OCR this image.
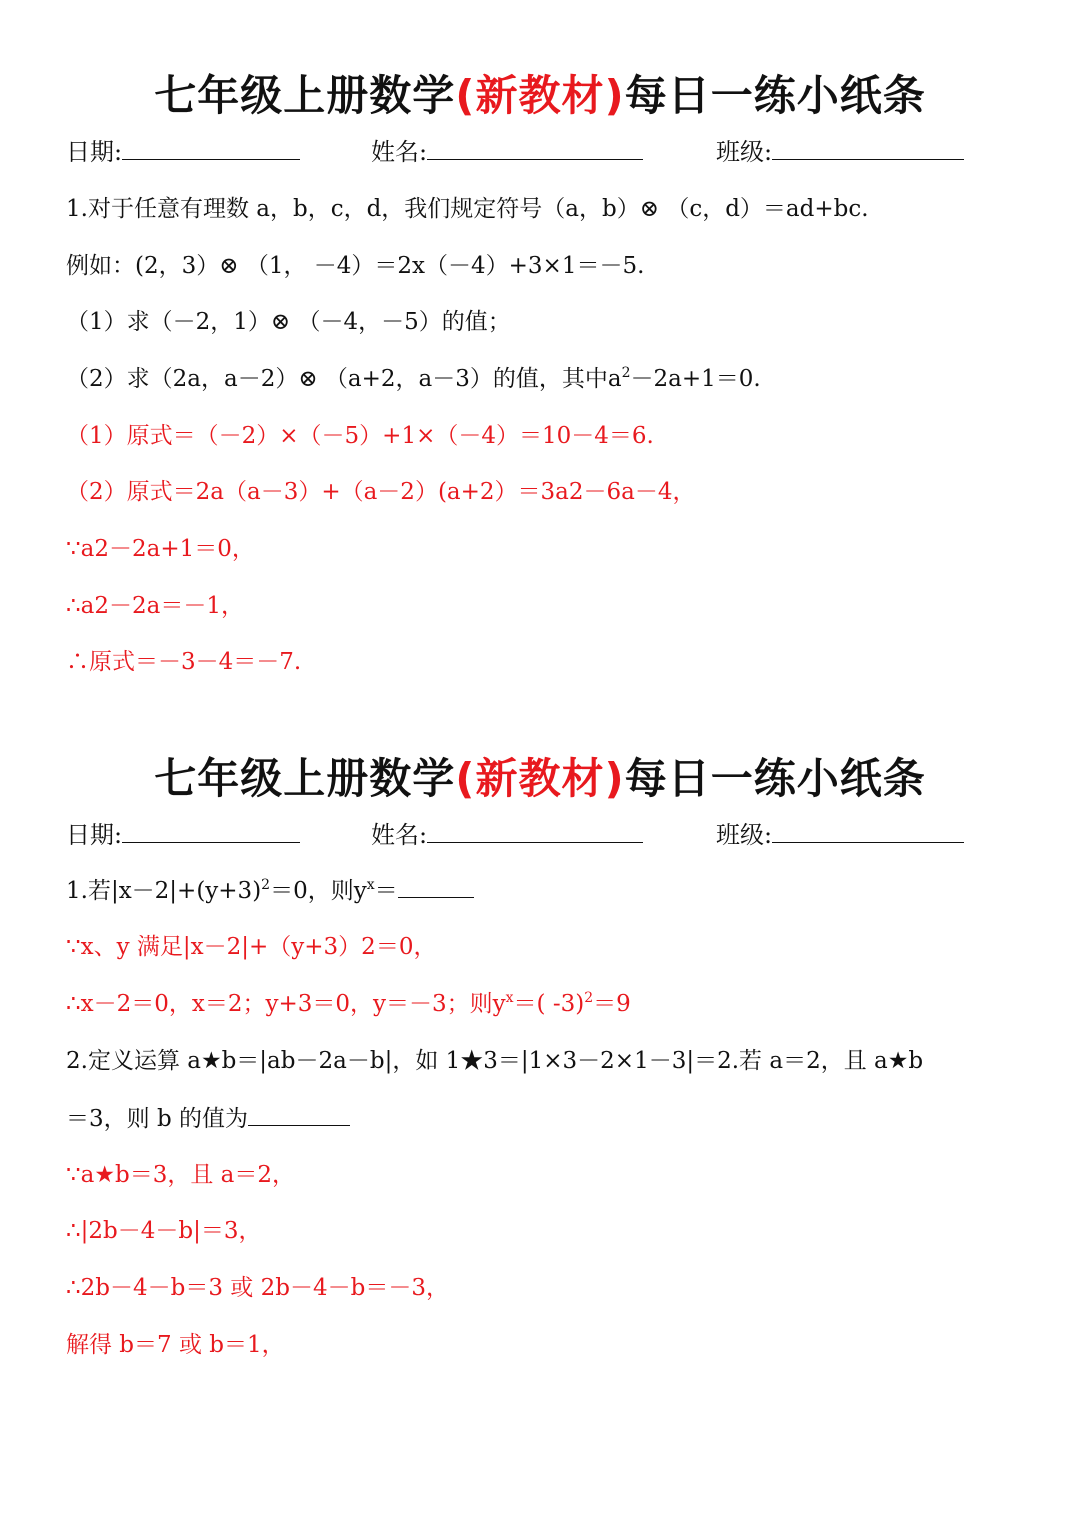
七年级上册数学(新教材)每日一练小纸条
日期:	姓名:	班级:
1.对于任意有理数 a，b，c，d，我们规定符号（a，b）⊗ （c，d）＝ad+bc.
例如：(2，3）⊗ （1， －4）＝2x（－4）+3×1＝－5.
（1）求（－2，1）⊗ （－4，－5）的值；
（2）求（2a，a－2）⊗ （a+2，a－3）的值，其中$a^2-2a+1=0$.
（1）原式＝（－2）×（－5）+1×（－4）＝10－4＝6.
（2）原式＝2a（a－3）+（a－2）(a+2）＝3a2－6a－4，
∵a2－2a+1＝0，
∴a2－2a＝－1，
∴原式＝－3－4＝－7.
七年级上册数学(新教材)每日一练小纸条
日期:	姓名:	班级:
1.若$|x-2|+(y+3)^2=0$，则$y^x=$
∵x、y 满足|x－2|+（y+3）2＝0，
∴x－2＝0，x＝2；y+3＝0，y＝－3；则$y^x=$( -3)$^2$＝9
2.定义运算 a★b＝|ab－2a－b|，如 1★3＝|1×3－2×1－3|＝2.若 a＝2，且 a★b
＝3，则 b 的值为
∵a★b＝3，且 a＝2，
∴|2b－4－b|＝3，
∴2b－4－b＝3 或 2b－4－b＝－3，
解得 b＝7 或 b＝1，
